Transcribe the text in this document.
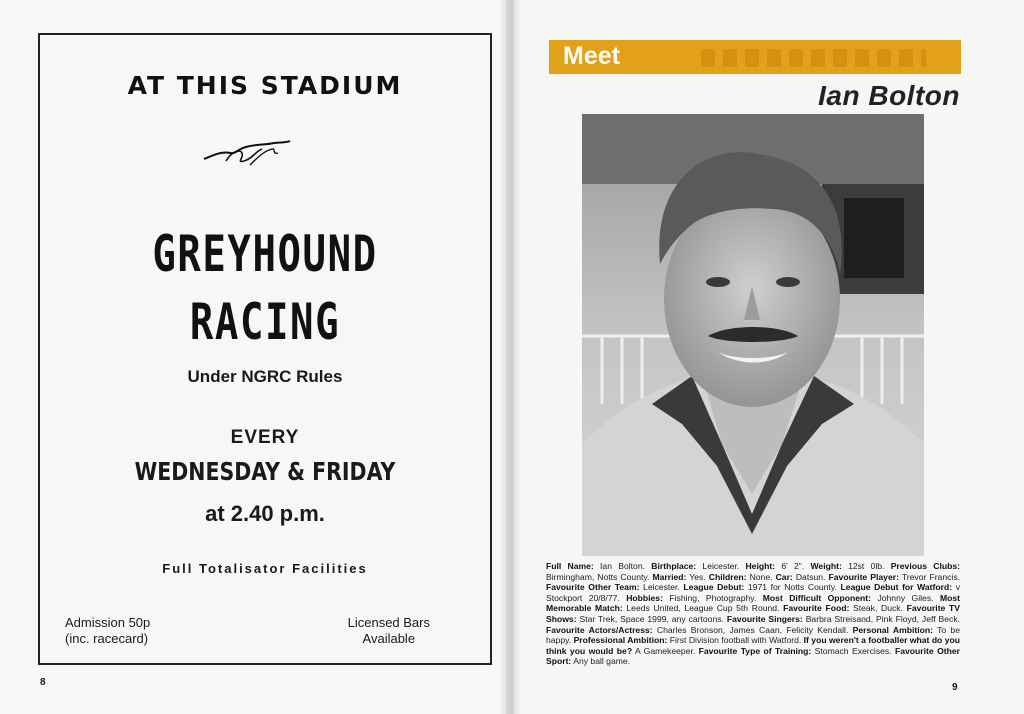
AT THIS STADIUM
GREYHOUND
RACING
Under NGRC Rules
EVERY
WEDNESDAY & FRIDAY
at 2.40 p.m.
Full Totalisator Facilities
Admission 50p
(inc. racecard)
Licensed Bars
Available
8
Meet
Ian Bolton
Full Name: Ian Bolton. Birthplace: Leicester. Height: 6' 2". Weight: 12st 0lb. Previous Clubs: Birmingham, Notts County. Married: Yes. Children: None. Car: Datsun. Favourite Player: Trevor Francis. Favourite Other Team: Leicester. League Debut: 1971 for Notts County. League Debut for Watford: v Stockport 20/8/77. Hobbies: Fishing, Photography. Most Difficult Opponent: Johnny Giles. Most Memorable Match: Leeds United, League Cup 5th Round. Favourite Food: Steak, Duck. Favourite TV Shows: Star Trek, Space 1999, any cartoons. Favourite Singers: Barbra Streisand, Pink Floyd, Jeff Beck. Favourite Actors/Actress: Charles Bronson, James Caan, Felicity Kendall. Personal Ambition: To be happy. Professional Ambition: First Division football with Watford. If you weren't a footballer what do you think you would be? A Gamekeeper. Favourite Type of Training: Stomach Exercises. Favourite Other Sport: Any ball game.
9
